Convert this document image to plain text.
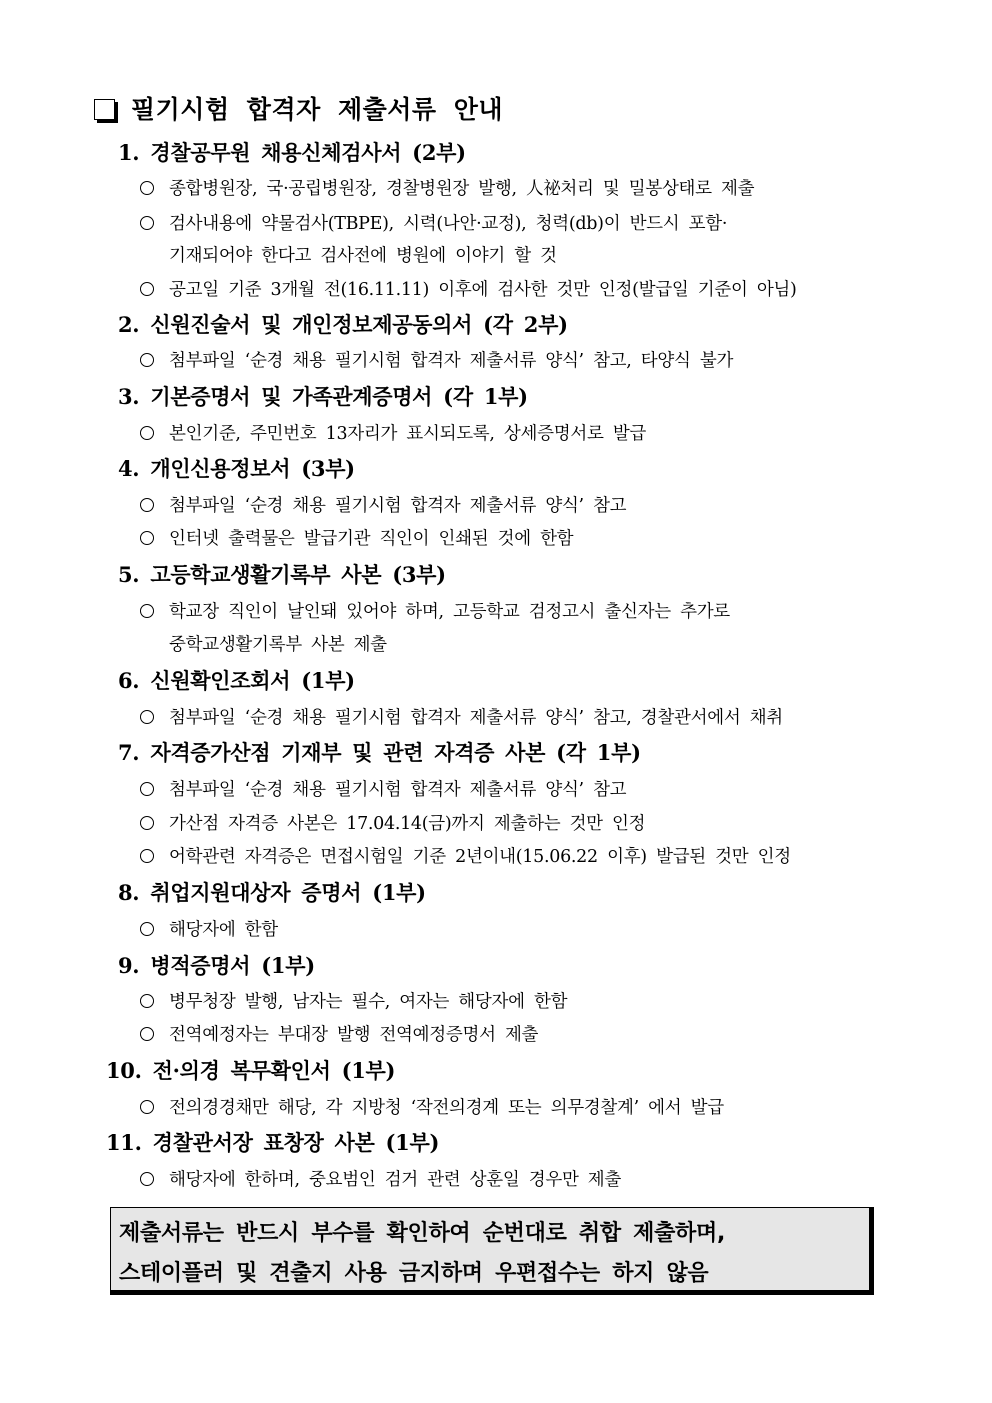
필기시험 합격자 제출서류 안내
1. 경찰공무원 채용신체검사서 (2부)
종합병원장, 국·공립병원장, 경찰병원장 발행, 人祕처리 및 밀봉상태로 제출
검사내용에 약물검사(TBPE), 시력(나안·교정), 청력(db)이 반드시 포함·
기재되어야 한다고 검사전에 병원에 이야기 할 것
공고일 기준 3개월 전(16.11.11) 이후에 검사한 것만 인정(발급일 기준이 아님)
2. 신원진술서 및 개인정보제공동의서 (각 2부)
첨부파일 ‘순경 채용 필기시험 합격자 제출서류 양식’ 참고, 타양식 불가
3. 기본증명서 및 가족관계증명서 (각 1부)
본인기준, 주민번호 13자리가 표시되도록, 상세증명서로 발급
4. 개인신용정보서 (3부)
첨부파일 ‘순경 채용 필기시험 합격자 제출서류 양식’ 참고
인터넷 출력물은 발급기관 직인이 인쇄된 것에 한함
5. 고등학교생활기록부 사본 (3부)
학교장 직인이 날인돼 있어야 하며, 고등학교 검정고시 출신자는 추가로
중학교생활기록부 사본 제출
6. 신원확인조회서 (1부)
첨부파일 ‘순경 채용 필기시험 합격자 제출서류 양식’ 참고, 경찰관서에서 채취
7. 자격증가산점 기재부 및 관련 자격증 사본 (각 1부)
첨부파일 ‘순경 채용 필기시험 합격자 제출서류 양식’ 참고
가산점 자격증 사본은 17.04.14(금)까지 제출하는 것만 인정
어학관련 자격증은 면접시험일 기준 2년이내(15.06.22 이후) 발급된 것만 인정
8. 취업지원대상자 증명서 (1부)
해당자에 한함
9. 병적증명서 (1부)
병무청장 발행, 남자는 필수, 여자는 해당자에 한함
전역예정자는 부대장 발행 전역예정증명서 제출
10. 전·의경 복무확인서 (1부)
전의경경채만 해당, 각 지방청 ‘작전의경계 또는 의무경찰계’ 에서 발급
11. 경찰관서장 표창장 사본 (1부)
해당자에 한하며, 중요범인 검거 관련 상훈일 경우만 제출
제출서류는 반드시 부수를 확인하여 순번대로 취합 제출하며,
스테이플러 및 견출지 사용 금지하며 우편접수는 하지 않음
